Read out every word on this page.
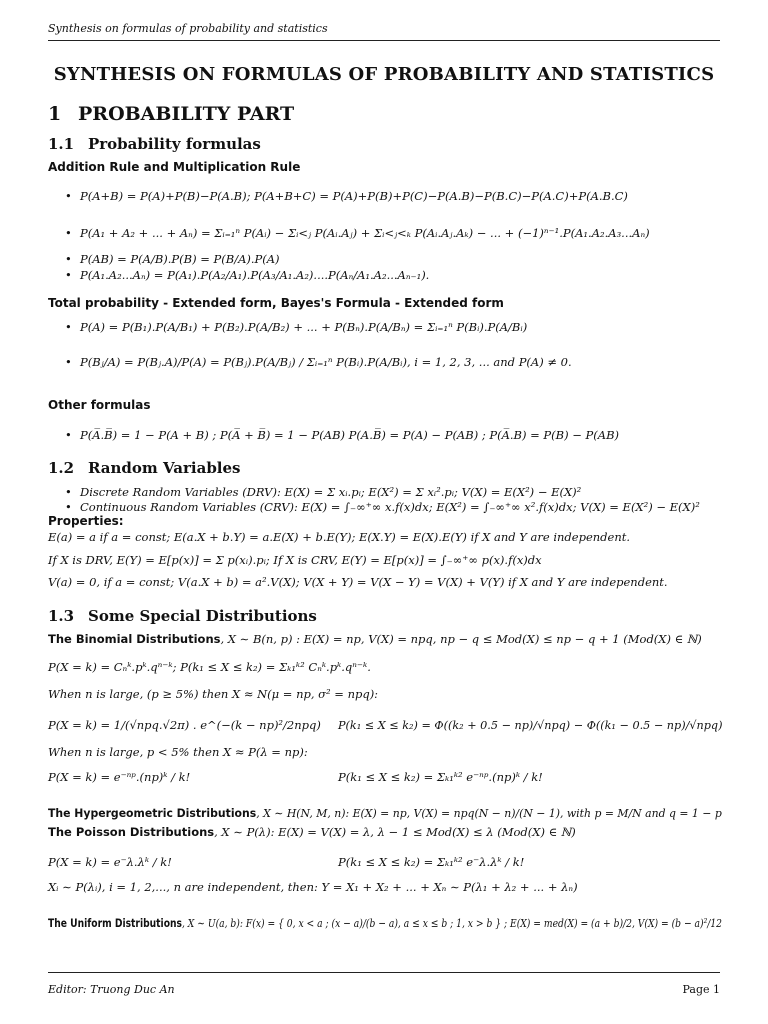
Synthesis on formulas of probability and statistics
SYNTHESIS ON FORMULAS OF PROBABILITY AND STATISTICS
1 PROBABILITY PART
1.1 Probability formulas
Addition Rule and Multiplication Rule
• P(A+B) = P(A)+P(B)−P(A.B); P(A+B+C) = P(A)+P(B)+P(C)−P(A.B)−P(B.C)−P(A.C)+P(A.B.C)
• P(A₁ + A₂ + ... + Aₙ) = Σᵢ₌₁ⁿ P(Aᵢ) − Σᵢ<ⱼ P(Aᵢ.Aⱼ) + Σᵢ<ⱼ<ₖ P(Aᵢ.Aⱼ.Aₖ) − ... + (−1)ⁿ⁻¹.P(A₁.A₂.A₃...Aₙ)
• P(AB) = P(A/B).P(B) = P(B/A).P(A)
• P(A₁.A₂...Aₙ) = P(A₁).P(A₂/A₁).P(A₃/A₁.A₂)....P(Aₙ/A₁.A₂...Aₙ₋₁).
Total probability - Extended form, Bayes's Formula - Extended form
• P(A) = P(B₁).P(A/B₁) + P(B₂).P(A/B₂) + ... + P(Bₙ).P(A/Bₙ) = Σᵢ₌₁ⁿ P(Bᵢ).P(A/Bᵢ)
• P(Bⱼ/A) = P(Bⱼ.A)/P(A) = P(Bⱼ).P(A/Bⱼ) / Σᵢ₌₁ⁿ P(Bᵢ).P(A/Bᵢ), i = 1, 2, 3, ... and P(A) ≠ 0.
Other formulas
• P(A̅.B̅) = 1 − P(A + B) ; P(A̅ + B̅) = 1 − P(AB) P(A.B̅) = P(A) − P(AB) ; P(A̅.B) = P(B) − P(AB)
1.2 Random Variables
• Discrete Random Variables (DRV): E(X) = Σ xᵢ.pᵢ; E(X²) = Σ xᵢ².pᵢ; V(X) = E(X²) − E(X)²
• Continuous Random Variables (CRV): E(X) = ∫₋∞⁺∞ x.f(x)dx; E(X²) = ∫₋∞⁺∞ x².f(x)dx; V(X) = E(X²) − E(X)²
Properties:
E(a) = a if a = const; E(a.X + b.Y) = a.E(X) + b.E(Y); E(X.Y) = E(X).E(Y) if X and Y are independent.
If X is DRV, E(Y) = E[p(x)] = Σ p(xᵢ).pᵢ; If X is CRV, E(Y) = E[p(x)] = ∫₋∞⁺∞ p(x).f(x)dx
V(a) = 0, if a = const; V(a.X + b) = a².V(X); V(X + Y) = V(X − Y) = V(X) + V(Y) if X and Y are independent.
1.3 Some Special Distributions
The Binomial Distributions, X ∼ B(n, p) : E(X) = np, V(X) = npq, np − q ≤ Mod(X) ≤ np − q + 1 (Mod(X) ∈ ℕ)
P(X = k) = Cₙᵏ.pᵏ.qⁿ⁻ᵏ; P(k₁ ≤ X ≤ k₂) = Σₖ₁ᵏ² Cₙᵏ.pᵏ.qⁿ⁻ᵏ.
When n is large, (p ≥ 5%) then X ≈ N(μ = np, σ² = npq):
P(X = k) = 1/(√npq.√2π) . e^(−(k − np)²/2npq) P(k₁ ≤ X ≤ k₂) = Φ((k₂ + 0.5 − np)/√npq) − Φ((k₁ − 0.5 − np)/√npq)
When n is large, p < 5% then X ≈ P(λ = np):
P(X = k) = e⁻ⁿᵖ.(np)ᵏ / k!	P(k₁ ≤ X ≤ k₂) = Σₖ₁ᵏ² e⁻ⁿᵖ.(np)ᵏ / k!
The Hypergeometric Distributions, X ∼ H(N, M, n): E(X) = np, V(X) = npq(N − n)/(N − 1), with p = M/N and q = 1 − p
The Poisson Distributions, X ∼ P(λ): E(X) = V(X) = λ, λ − 1 ≤ Mod(X) ≤ λ (Mod(X) ∈ ℕ)
P(X = k) = e⁻λ.λᵏ / k!	P(k₁ ≤ X ≤ k₂) = Σₖ₁ᵏ² e⁻λ.λᵏ / k!
Xᵢ ∼ P(λᵢ), i = 1, 2,..., n are independent, then: Y = X₁ + X₂ + ... + Xₙ ∼ P(λ₁ + λ₂ + ... + λₙ)
The Uniform Distributions, X ∼ U(a, b): F(x) = { 0, x < a ; (x − a)/(b − a), a ≤ x ≤ b ; 1, x > b } ; E(X) = med(X) = (a + b)/2, V(X) = (b − a)²/12
Editor: Truong Duc An	Page 1
